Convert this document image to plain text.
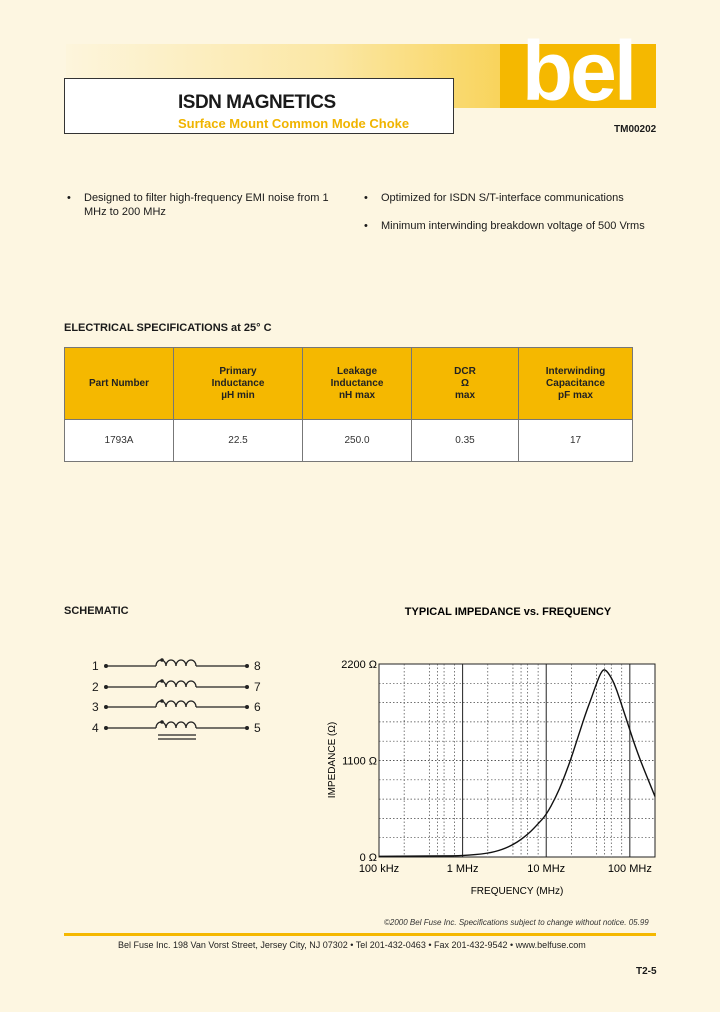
bel
ISDN MAGNETICS
Surface Mount Common Mode Choke	TM00202
• Designed to filter high-frequency EMI noise from 1 MHz to 200 MHz
• Optimized for ISDN S/T-interface communications
• Minimum interwinding breakdown voltage of 500 Vrms
ELECTRICAL SPECIFICATIONS at 25° C
Part Number	Primary
Inductance
µH min	Leakage
Inductance
nH max	DCR
Ω
max	Interwinding
Capacitance
pF max
1793A	22.5	250.0	0.35	17
SCHEMATIC
1
2
3
4
8
7
6
5
TYPICAL IMPEDANCE vs. FREQUENCY
100 kHz	1 MHz	10 MHz	100 MHz
0 Ω
1100 Ω
2200 Ω
FREQUENCY (MHz)
IMPEDANCE (Ω)
©2000 Bel Fuse Inc. Specifications subject to change without notice. 05.99
Bel Fuse Inc. 198 Van Vorst Street, Jersey City, NJ 07302 • Tel 201-432-0463 • Fax 201-432-9542 • www.belfuse.com
T2-5
